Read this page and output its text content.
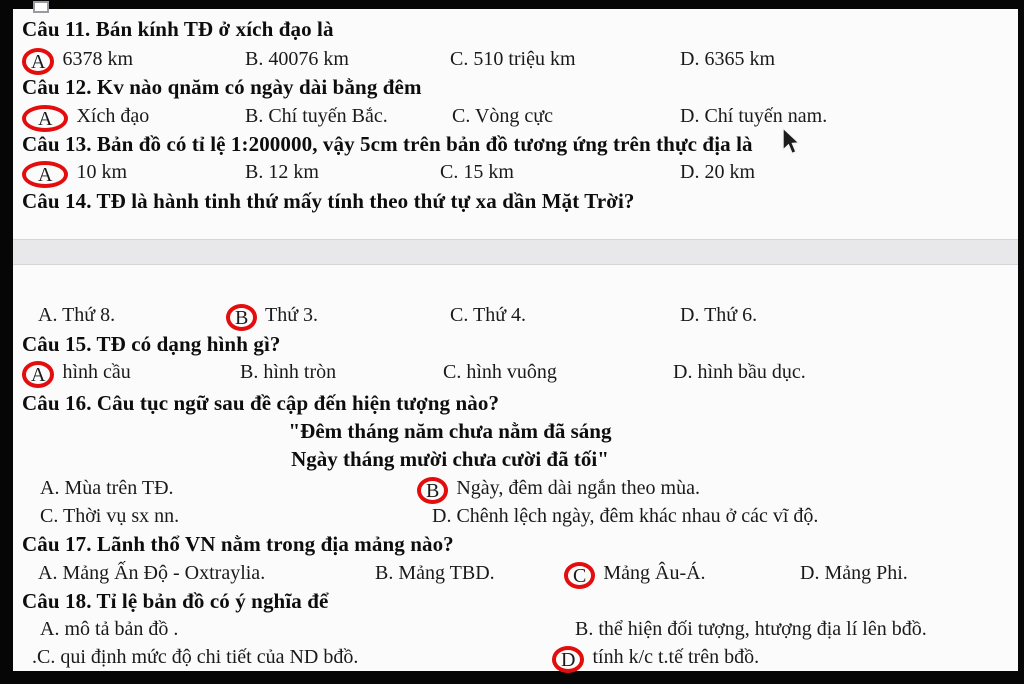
Câu 11. Bán kính TĐ ở xích đạo là
A 6378 km	B. 40076 km	C. 510 triệu km	D. 6365 km
Câu 12. Kv nào qnăm có ngày dài bằng đêm
A Xích đạo	B. Chí tuyến Bắc.	C. Vòng cực	D. Chí tuyến nam.
Câu 13. Bản đồ có tỉ lệ 1:200000, vậy 5cm trên bản đồ tương ứng trên thực địa là
A 10 km	B. 12 km	C. 15 km	D. 20 km
Câu 14. TĐ là hành tinh thứ mấy tính theo thứ tự xa dần Mặt Trời?
A. Thứ 8.	B Thứ 3.	C. Thứ 4.	D. Thứ 6.
Câu 15. TĐ có dạng hình gì?
A hình cầu	B. hình tròn	C. hình vuông	D. hình bầu dục.
Câu 16. Câu tục ngữ sau đề cập đến hiện tượng nào?
"Đêm tháng năm chưa nằm đã sáng
Ngày tháng mười chưa cười đã tối"
A. Mùa trên TĐ.	B Ngày, đêm dài ngắn theo mùa.
C. Thời vụ sx nn.	D. Chênh lệch ngày, đêm khác nhau ở các vĩ độ.
Câu 17. Lãnh thổ VN nằm trong địa mảng nào?
A. Mảng Ấn Độ - Oxtraylia.	B. Mảng TBD.	C Mảng Âu-Á.	D. Mảng Phi.
Câu 18. Tỉ lệ bản đồ có ý nghĩa để
A. mô tả bản đồ .	B. thể hiện đối tượng, htượng địa lí lên bđồ.
.C. qui định mức độ chi tiết của ND bđồ.	D tính k/c t.tế trên bđồ.
